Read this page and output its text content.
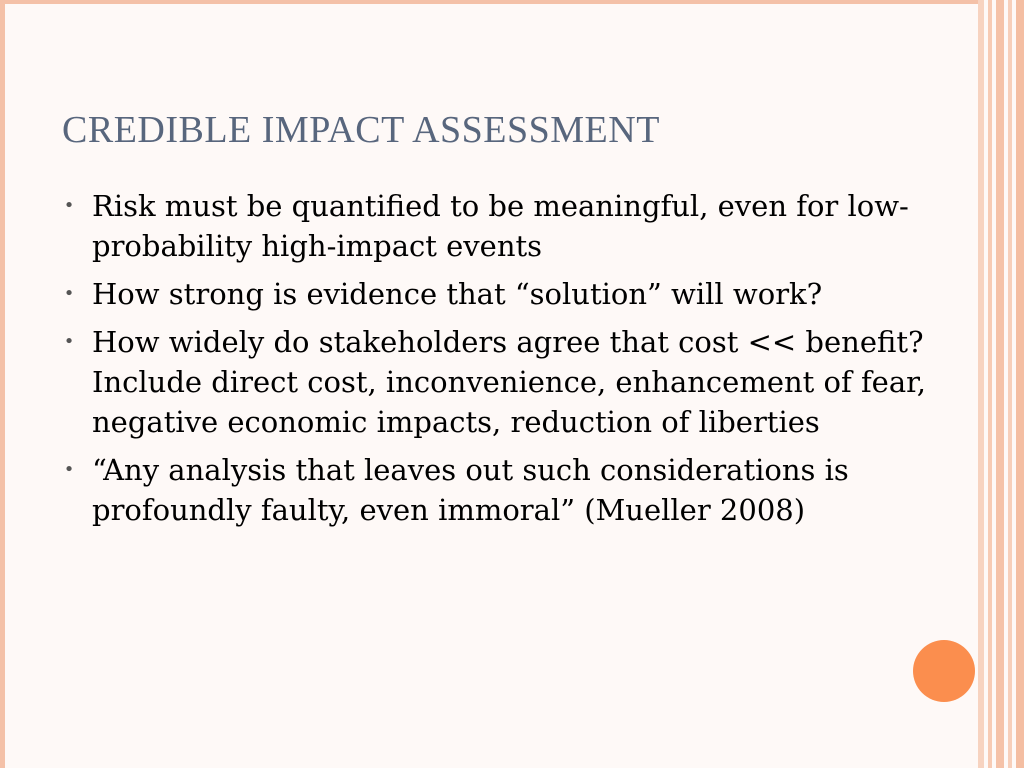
CREDIBLE IMPACT ASSESSMENT
• Risk must be quantified to be meaningful, even for low-probability high-impact events
• How strong is evidence that “solution” will work?
• How widely do stakeholders agree that cost << benefit? Include direct cost, inconvenience, enhancement of fear, negative economic impacts, reduction of liberties
• “Any analysis that leaves out such considerations is profoundly faulty, even immoral” (Mueller 2008)
